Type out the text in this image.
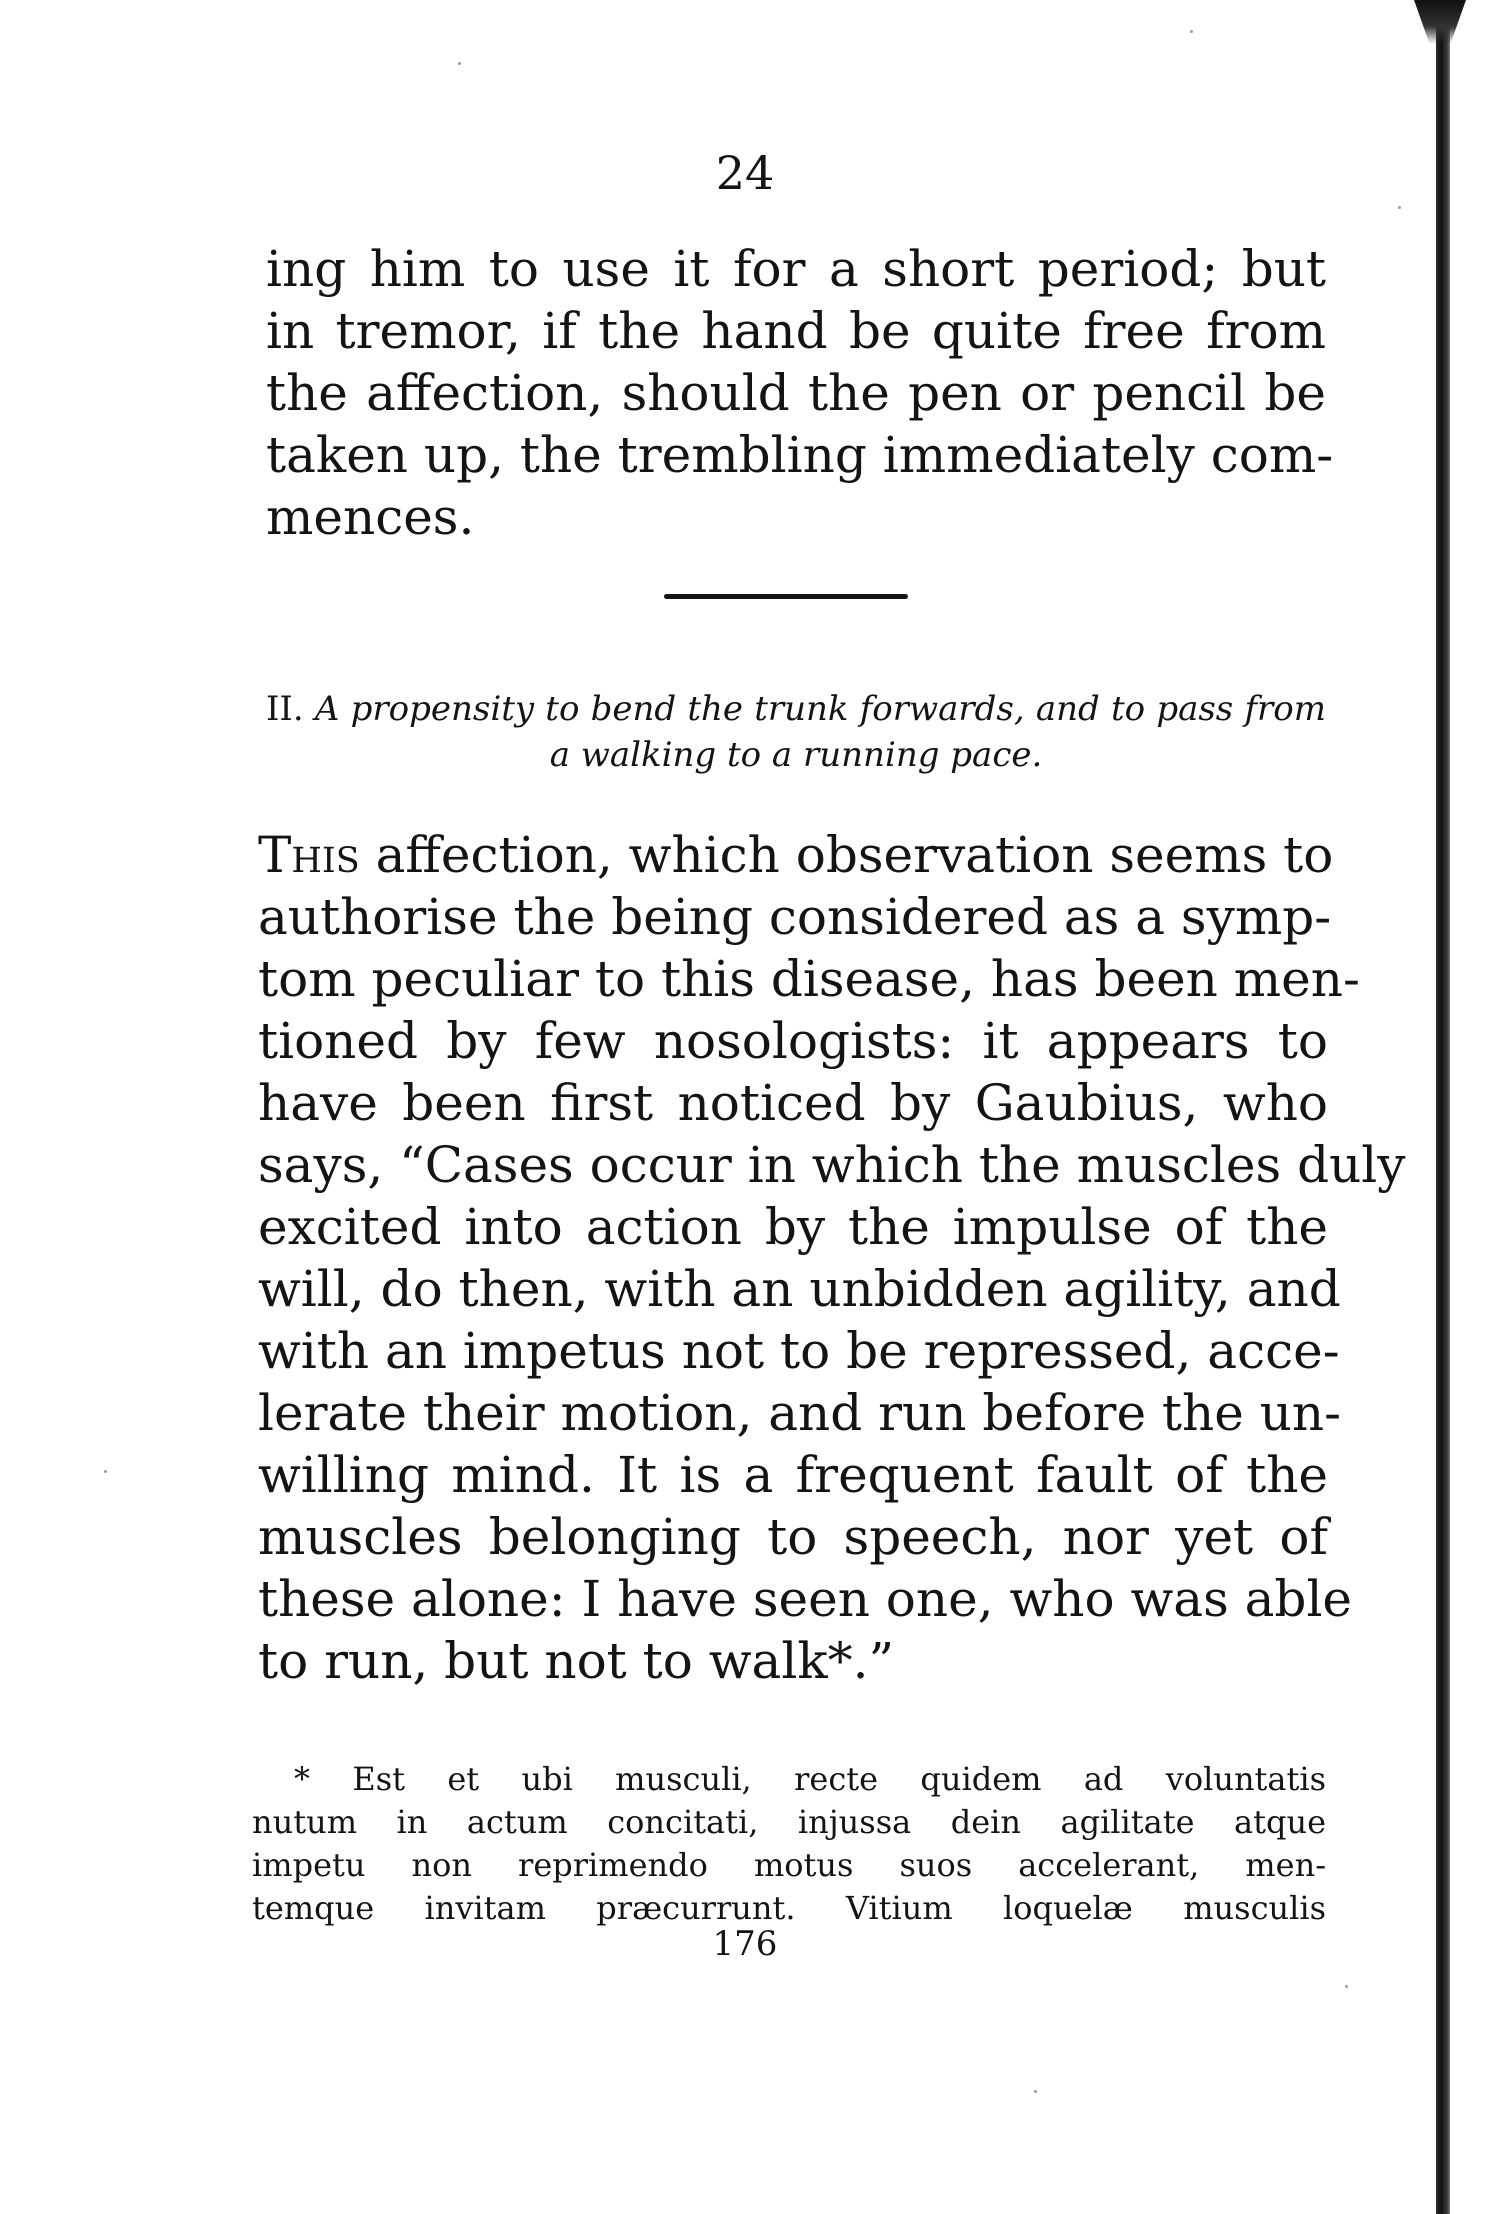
24
ing him to use it for a short period; but
in tremor, if the hand be quite free from
the affection, should the pen or pencil be
taken up, the trembling immediately com-
mences.
II. A propensity to bend the trunk forwards, and to pass from
a walking to a running pace.
This affection, which observation seems to
authorise the being considered as a symp-
tom peculiar to this disease, has been men-
tioned by few nosologists: it appears to
have been first noticed by Gaubius, who
says, “Cases occur in which the muscles duly
excited into action by the impulse of the
will, do then, with an unbidden agility, and
with an impetus not to be repressed, acce-
lerate their motion, and run before the un-
willing mind. It is a frequent fault of the
muscles belonging to speech, nor yet of
these alone: I have seen one, who was able
to run, but not to walk*.”
* Est et ubi musculi, recte quidem ad voluntatis
nutum in actum concitati, injussa dein agilitate atque
impetu non reprimendo motus suos accelerant, men-
temque invitam præcurrunt. Vitium loquelæ musculis
176
